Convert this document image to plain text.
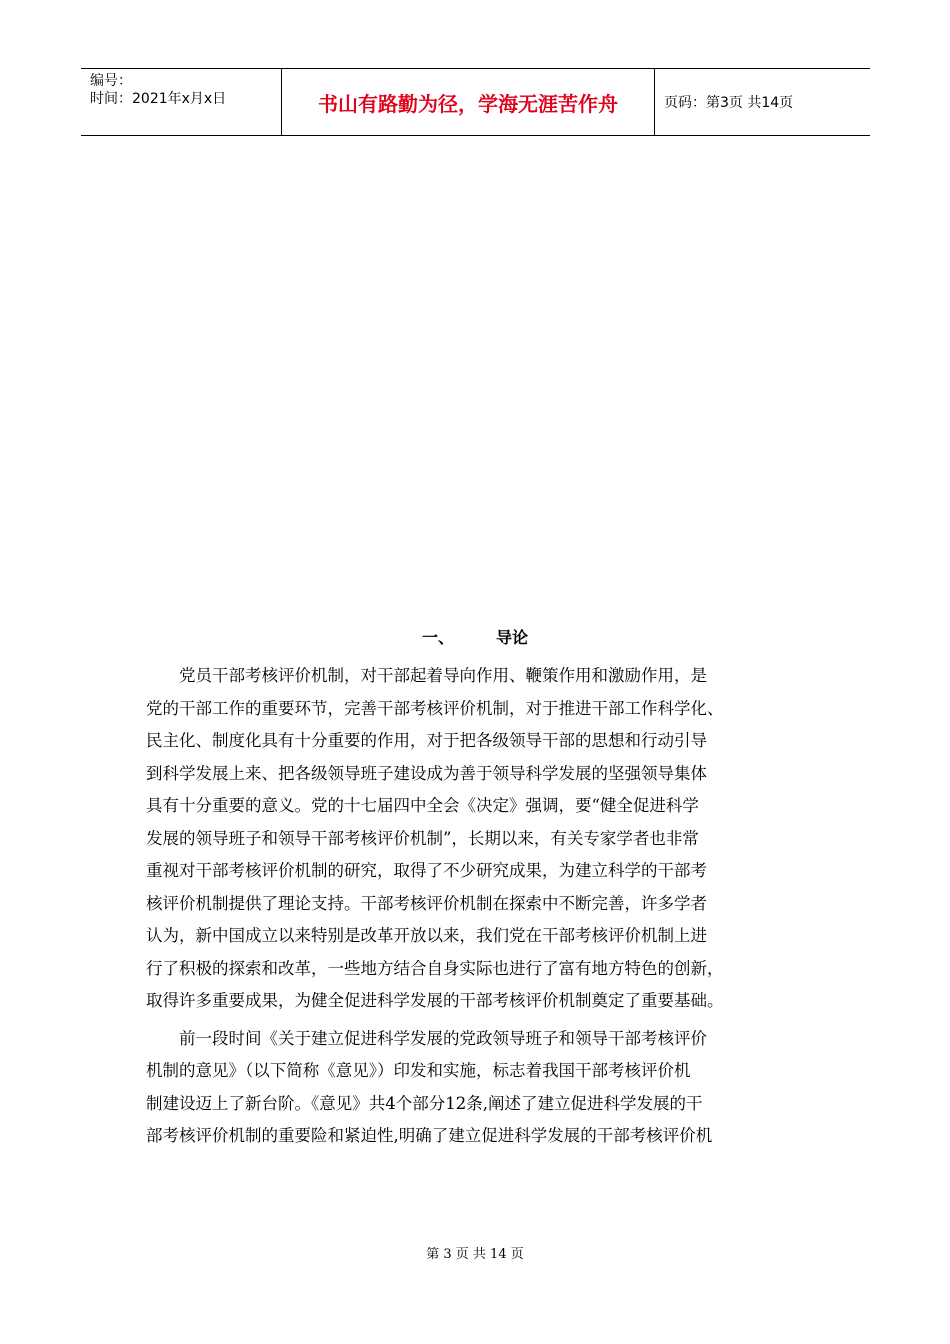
编号：
时间：2021年x月x日	书山有路勤为径，学海无涯苦作舟	页码：第3页 共14页
一、	导论
　　党员干部考核评价机制，对干部起着导向作用、鞭策作用和激励作用，是
党的干部工作的重要环节，完善干部考核评价机制，对于推进干部工作科学化、
民主化、制度化具有十分重要的作用，对于把各级领导干部的思想和行动引导
到科学发展上来、把各级领导班子建设成为善于领导科学发展的坚强领导集体
具有十分重要的意义。党的十七届四中全会《决定》强调，要“健全促进科学
发展的领导班子和领导干部考核评价机制”，长期以来，有关专家学者也非常
重视对干部考核评价机制的研究，取得了不少研究成果，为建立科学的干部考
核评价机制提供了理论支持。干部考核评价机制在探索中不断完善，许多学者
认为，新中国成立以来特别是改革开放以来，我们党在干部考核评价机制上进
行了积极的探索和改革，一些地方结合自身实际也进行了富有地方特色的创新，
取得许多重要成果，为健全促进科学发展的干部考核评价机制奠定了重要基础。
　　前一段时间《关于建立促进科学发展的党政领导班子和领导干部考核评价
机制的意见》（以下简称《意见》）印发和实施，标志着我国干部考核评价机
制建设迈上了新台阶。《意见》共4个部分12条,阐述了建立促进科学发展的干
部考核评价机制的重要险和紧迫性,明确了建立促进科学发展的干部考核评价机
第 3 页 共 14 页
